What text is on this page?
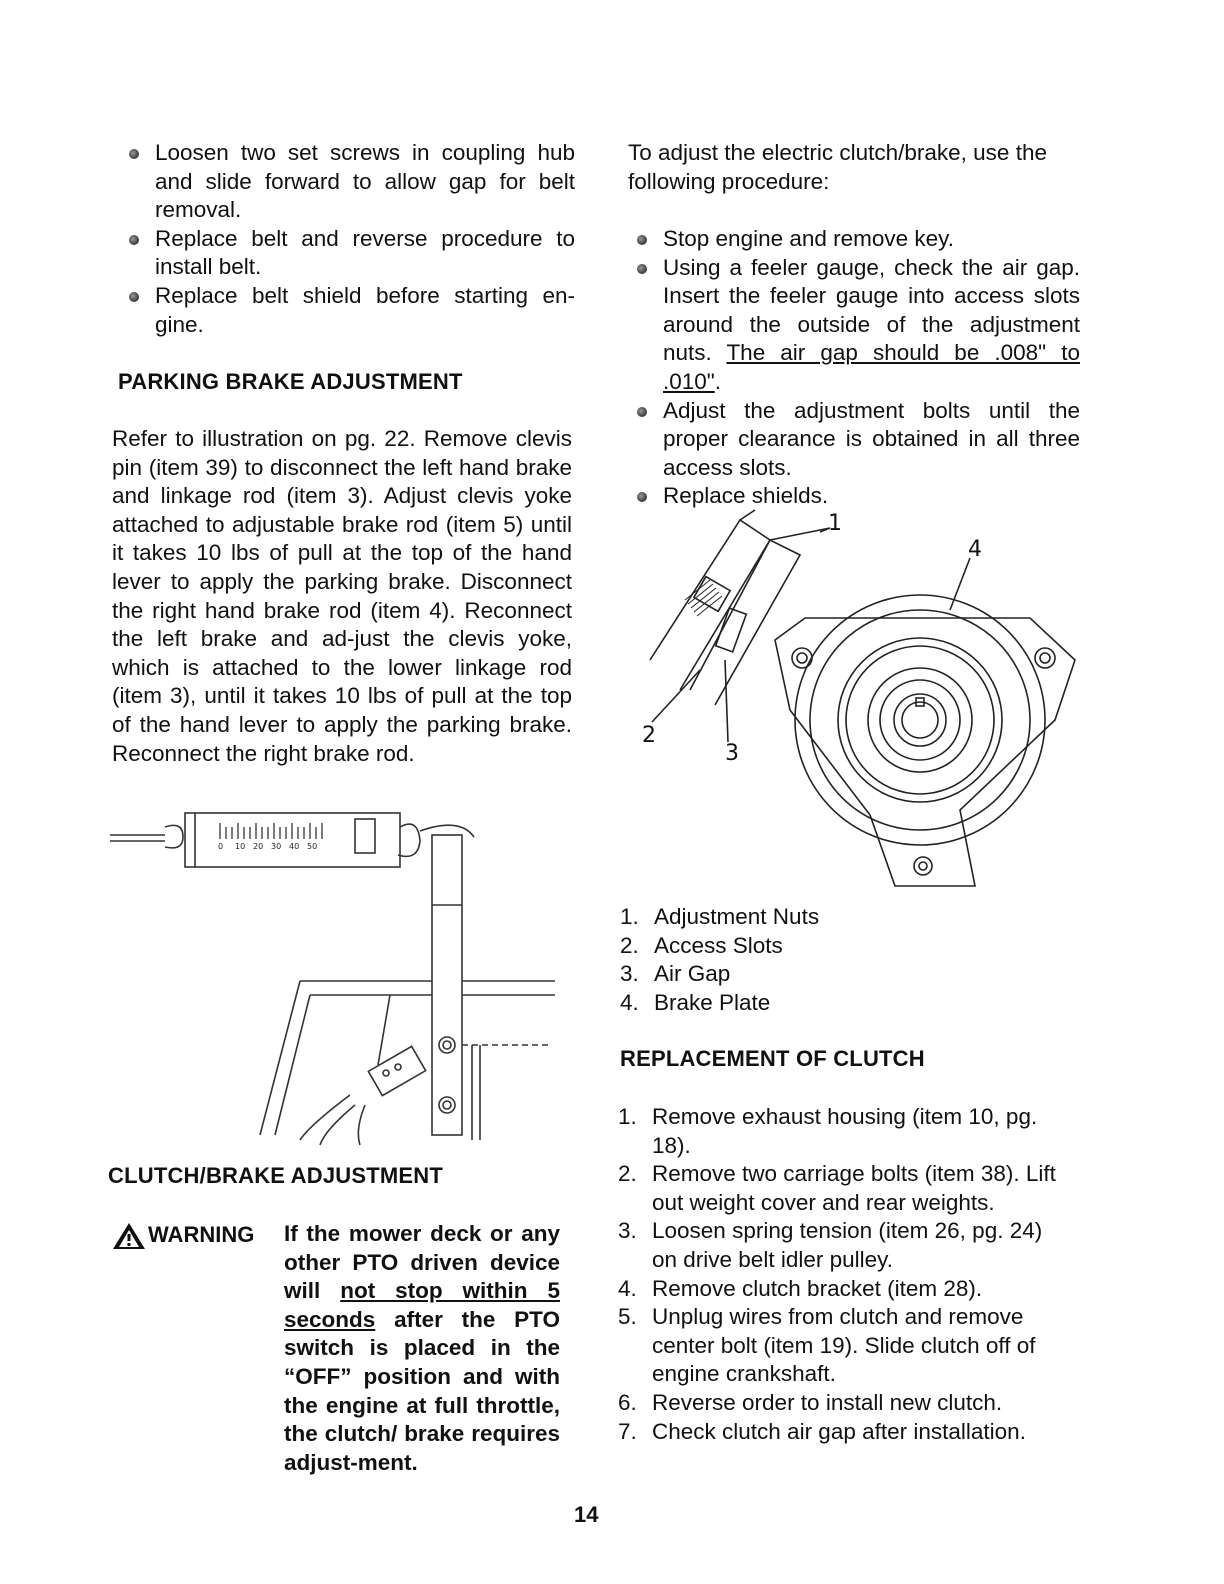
Loosen two set screws in coupling hub and slide forward to allow gap for belt removal.
Replace belt and reverse procedure to install belt.
Replace belt shield before starting en-gine.
PARKING BRAKE ADJUSTMENT
Refer to illustration on pg. 22. Remove clevis pin (item 39) to disconnect the left hand brake and linkage rod (item 3). Adjust clevis yoke attached to adjustable brake rod (item 5) until it takes 10 lbs of pull at the top of the hand lever to apply the parking brake. Disconnect the right hand brake rod (item 4). Reconnect the left brake and ad-just the clevis yoke, which is attached to the lower linkage rod (item 3), until it takes 10 lbs of pull at the top of the hand lever to apply the parking brake. Reconnect the right brake rod.
0 10 20 30 40 50
CLUTCH/BRAKE ADJUSTMENT
WARNING If the mower deck or any other PTO driven device will not stop within 5 seconds after the PTO switch is placed in the “OFF” position and with the engine at full throttle, the clutch/ brake requires adjust-ment.
To adjust the electric clutch/brake, use the following procedure:
Stop engine and remove key.
Using a feeler gauge, check the air gap. Insert the feeler gauge into access slots around the outside of the adjustment nuts. The air gap should be .008" to .010".
Adjust the adjustment bolts until the proper clearance is obtained in all three access slots.
Replace shields.
1
2
3
4
1. Adjustment Nuts
2. Access Slots
3. Air Gap
4. Brake Plate
REPLACEMENT OF CLUTCH
1. Remove exhaust housing (item 10, pg. 18).
2. Remove two carriage bolts (item 38). Lift out weight cover and rear weights.
3. Loosen spring tension (item 26, pg. 24) on drive belt idler pulley.
4. Remove clutch bracket (item 28).
5. Unplug wires from clutch and remove center bolt (item 19). Slide clutch off of engine crankshaft.
6. Reverse order to install new clutch.
7. Check clutch air gap after installation.
14
